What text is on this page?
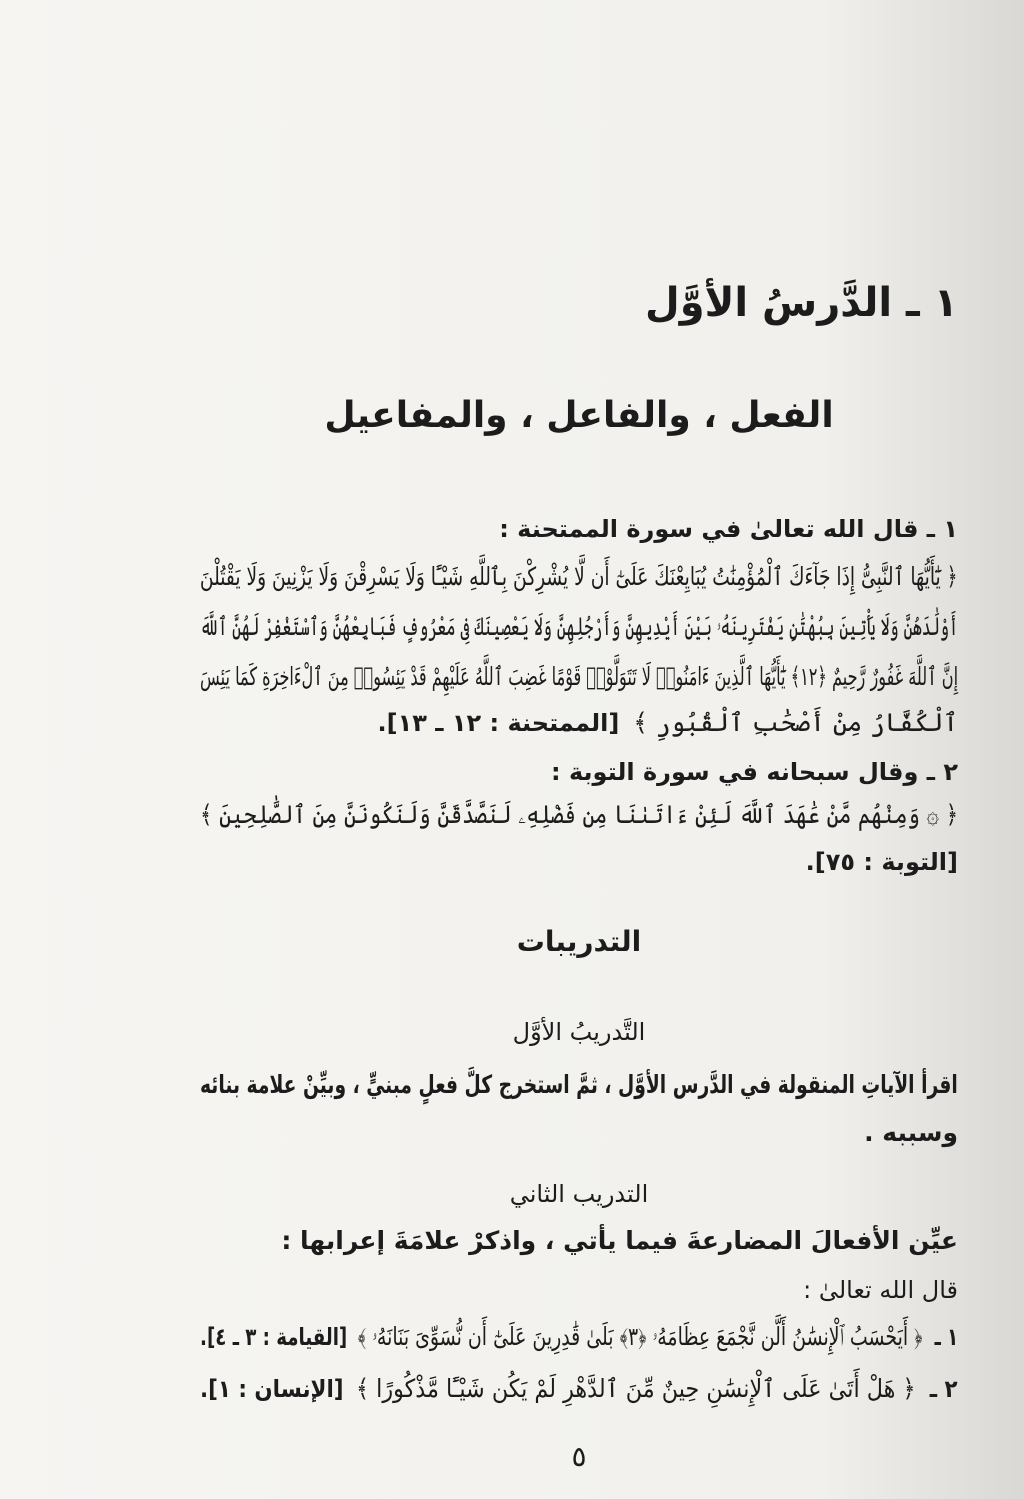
١ ـ الدَّرسُ الأوَّل
الفعل ، والفاعل ، والمفاعيل
١ ـ قال الله تعالىٰ في سورة الممتحنة :
﴿ يَٰٓأَيُّهَا ٱلنَّبِىُّ إِذَا جَآءَكَ ٱلْمُؤْمِنَٰتُ يُبَايِعْنَكَ عَلَىٰٓ أَن لَّا يُشْرِكْنَ بِٱللَّهِ شَيْـًٔا وَلَا يَسْرِقْنَ وَلَا يَزْنِينَ وَلَا يَقْتُلْنَ
أَوْلَٰدَهُنَّ وَلَا يَأْتِينَ بِبُهْتَٰنٍ يَفْتَرِينَهُۥ بَيْنَ أَيْدِيهِنَّ وَأَرْجُلِهِنَّ وَلَا يَعْصِينَكَ فِى مَعْرُوفٍ فَبَايِعْهُنَّ وَٱسْتَغْفِرْ لَهُنَّ ٱللَّهَ
إِنَّ ٱللَّهَ غَفُورٌ رَّحِيمٌ ﴿١٢﴾ يَٰٓأَيُّهَا ٱلَّذِينَ ءَامَنُوا۟ لَا تَتَوَلَّوْا۟ قَوْمًا غَضِبَ ٱللَّهُ عَلَيْهِمْ قَدْ يَئِسُوا۟ مِنَ ٱلْءَاخِرَةِ كَمَا يَئِسَ
ٱلْكُفَّارُ مِنْ أَصْحَٰبِ ٱلْقُبُورِ ﴾ [الممتحنة : ١٢ ـ ١٣].
٢ ـ وقال سبحانه في سورة التوبة :
﴿ ۞ وَمِنْهُم مَّنْ عَٰهَدَ ٱللَّهَ لَئِنْ ءَاتَىٰنَا مِن فَضْلِهِۦ لَنَصَّدَّقَنَّ وَلَنَكُونَنَّ مِنَ ٱلصَّٰلِحِينَ ﴾
[التوبة : ٧٥].
التدريبات
التَّدريبُ الأوَّل
اقرأ الآياتِ المنقولة في الدَّرس الأوَّل ، ثمَّ استخرج كلَّ فعلٍ مبنيٍّ ، وبيِّنْ علامة بنائه
وسببه .
التدريب الثاني
عيِّن الأفعالَ المضارعةَ فيما يأتي ، واذكرْ علامَةَ إعرابها :
قال الله تعالىٰ :
١ ـ ﴿ أَيَحْسَبُ ٱلْإِنسَٰنُ أَلَّن نَّجْمَعَ عِظَامَهُۥ ﴿٣﴾ بَلَىٰ قَٰدِرِينَ عَلَىٰٓ أَن نُّسَوِّىَ بَنَانَهُۥ ﴾ [القيامة : ٣ ـ ٤].
٢ ـ ﴿ هَلْ أَتَىٰ عَلَى ٱلْإِنسَٰنِ حِينٌ مِّنَ ٱلدَّهْرِ لَمْ يَكُن شَيْـًٔا مَّذْكُورًا ﴾ [الإنسان : ١].
٥
